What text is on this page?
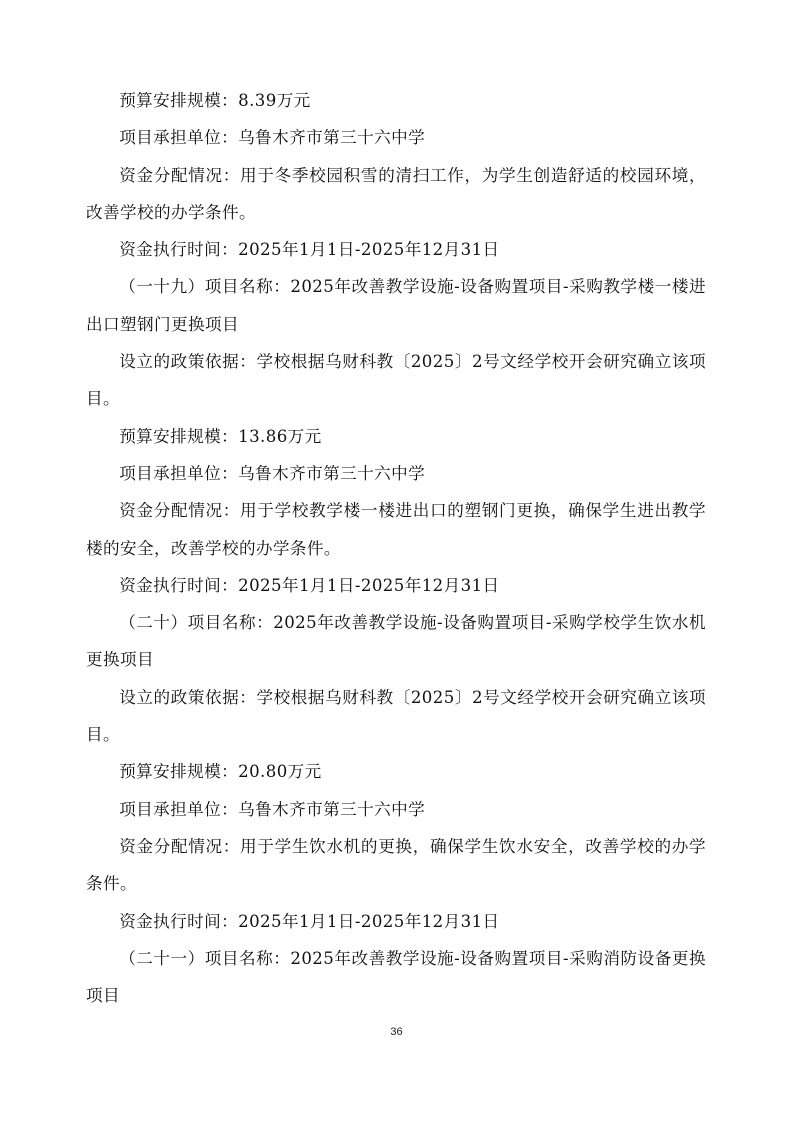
预算安排规模：8.39万元

项目承担单位：乌鲁木齐市第三十六中学

资金分配情况：用于冬季校园积雪的清扫工作，为学生创造舒适的校园环境，改善学校的办学条件。

资金执行时间：2025年1月1日-2025年12月31日

（一十九）项目名称：2025年改善教学设施-设备购置项目-采购教学楼一楼进出口塑钢门更换项目

设立的政策依据：学校根据乌财科教〔2025〕2号文经学校开会研究确立该项目。

预算安排规模：13.86万元

项目承担单位：乌鲁木齐市第三十六中学

资金分配情况：用于学校教学楼一楼进出口的塑钢门更换，确保学生进出教学楼的安全，改善学校的办学条件。

资金执行时间：2025年1月1日-2025年12月31日

（二十）项目名称：2025年改善教学设施-设备购置项目-采购学校学生饮水机更换项目

设立的政策依据：学校根据乌财科教〔2025〕2号文经学校开会研究确立该项目。

预算安排规模：20.80万元

项目承担单位：乌鲁木齐市第三十六中学

资金分配情况：用于学生饮水机的更换，确保学生饮水安全，改善学校的办学条件。

资金执行时间：2025年1月1日-2025年12月31日

（二十一）项目名称：2025年改善教学设施-设备购置项目-采购消防设备更换项目

36
